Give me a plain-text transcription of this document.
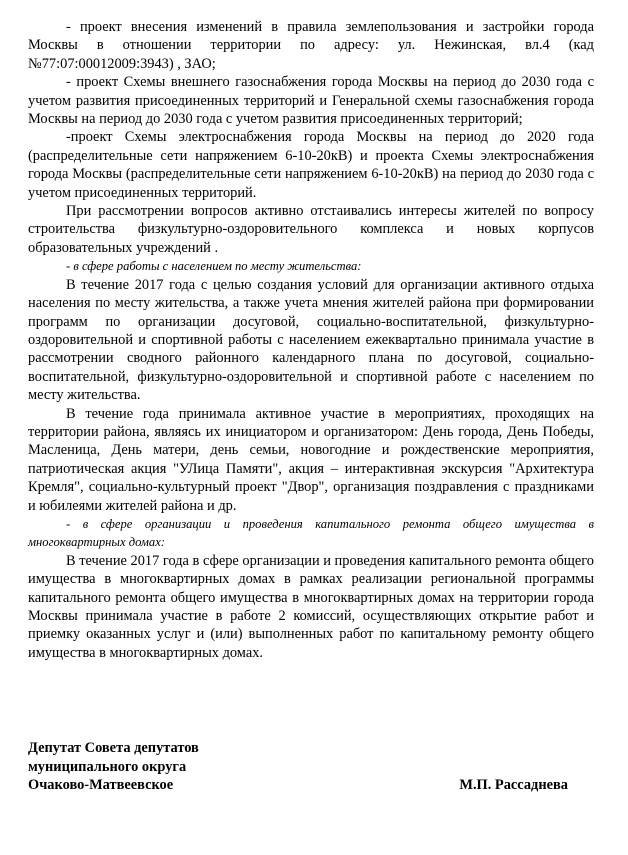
- проект внесения изменений в правила землепользования и застройки города Москвы в отношении территории по адресу: ул. Нежинская, вл.4 (кад №77:07:00012009:3943) , ЗАО;

- проект Схемы внешнего газоснабжения города Москвы на период до 2030 года с учетом развития присоединенных территорий и Генеральной схемы газоснабжения города Москвы на период до 2030 года с учетом развития присоединенных территорий;

-проект Схемы электроснабжения города Москвы на период до 2020 года (распределительные сети напряжением 6-10-20кВ) и проекта Схемы электроснабжения города Москвы (распределительные сети напряжением 6-10-20кВ) на период до 2030 года с учетом присоединенных территорий.

При рассмотрении вопросов активно отстаивались интересы жителей по вопросу строительства физкультурно-оздоровительного комплекса и новых корпусов образовательных учреждений .

- в сфере работы с населением по месту жительства:

В течение 2017 года с целью создания условий для организации активного отдыха населения по месту жительства, а также учета мнения жителей района при формировании программ по организации досуговой, социально-воспитательной, физкультурно-оздоровительной и спортивной работы с населением ежеквартально принимала участие в рассмотрении сводного районного календарного плана по досуговой, социально-воспитательной, физкультурно-оздоровительной и спортивной работе с населением по месту жительства.

В течение года принимала активное участие в мероприятиях, проходящих на территории района, являясь их инициатором и организатором: День города, День Победы, Масленица, День матери, день семьи, новогодние и рождественские мероприятия, патриотическая акция "УЛица Памяти", акция – интерактивная экскурсия "Архитектура Кремля", социально-культурный проект "Двор", организация поздравления с праздниками и юбилеями жителей района и др.

- в сфере организации и проведения капитального ремонта общего имущества в многоквартирных домах:

В течение 2017 года в сфере организации и проведения капитального ремонта общего имущества в многоквартирных домах в рамках реализации региональной программы капитального ремонта общего имущества в многоквартирных домах на территории города Москвы принимала участие в работе 2 комиссий, осуществляющих открытие работ и приемку оказанных услуг и (или) выполненных работ по капитальному ремонту общего имущества в многоквартирных домах.

Депутат Совета депутатов
муниципального округа
Очаково-Матвеевское	М.П. Рассаднева
